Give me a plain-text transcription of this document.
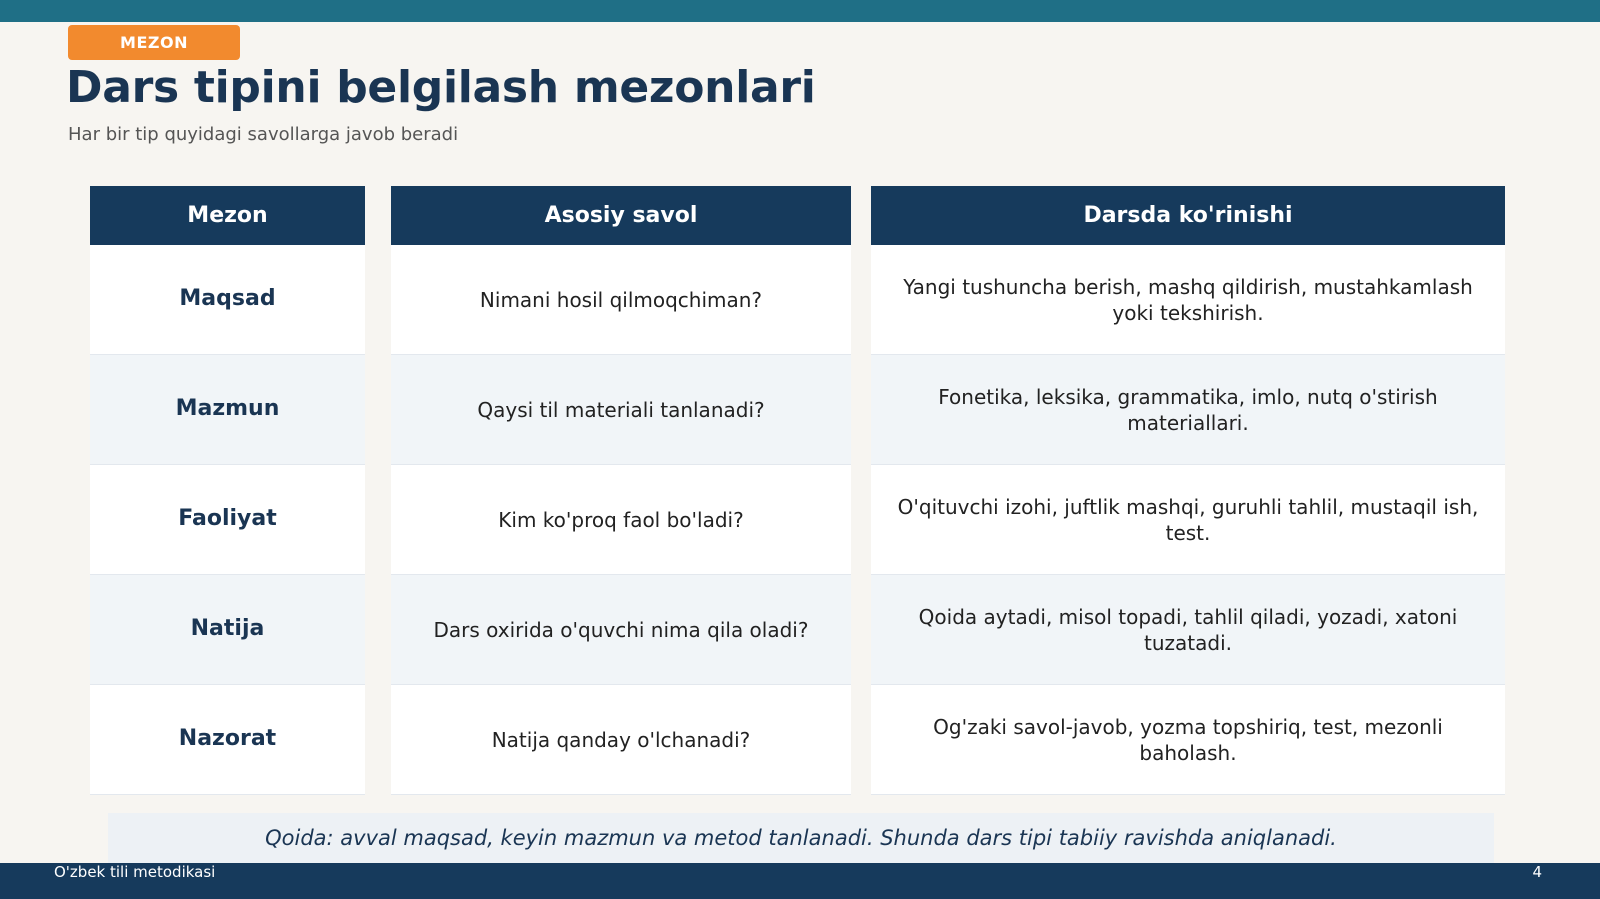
MEZON
Dars tipini belgilash mezonlari
Har bir tip quyidagi savollarga javob beradi
Mezon
Maqsad
Mazmun
Faoliyat
Natija
Nazorat
Asosiy savol
Nimani hosil qilmoqchiman?
Qaysi til materiali tanlanadi?
Kim ko'proq faol bo'ladi?
Dars oxirida o'quvchi nima qila oladi?
Natija qanday o'lchanadi?
Darsda ko'rinishi
Yangi tushuncha berish, mashq qildirish, mustahkamlash yoki tekshirish.
Fonetika, leksika, grammatika, imlo, nutq o'stirish materiallari.
O'qituvchi izohi, juftlik mashqi, guruhli tahlil, mustaqil ish, test.
Qoida aytadi, misol topadi, tahlil qiladi, yozadi, xatoni tuzatadi.
Og'zaki savol-javob, yozma topshiriq, test, mezonli baholash.
Qoida: avval maqsad, keyin mazmun va metod tanlanadi. Shunda dars tipi tabiiy ravishda aniqlanadi.
O'zbek tili metodikasi	4
